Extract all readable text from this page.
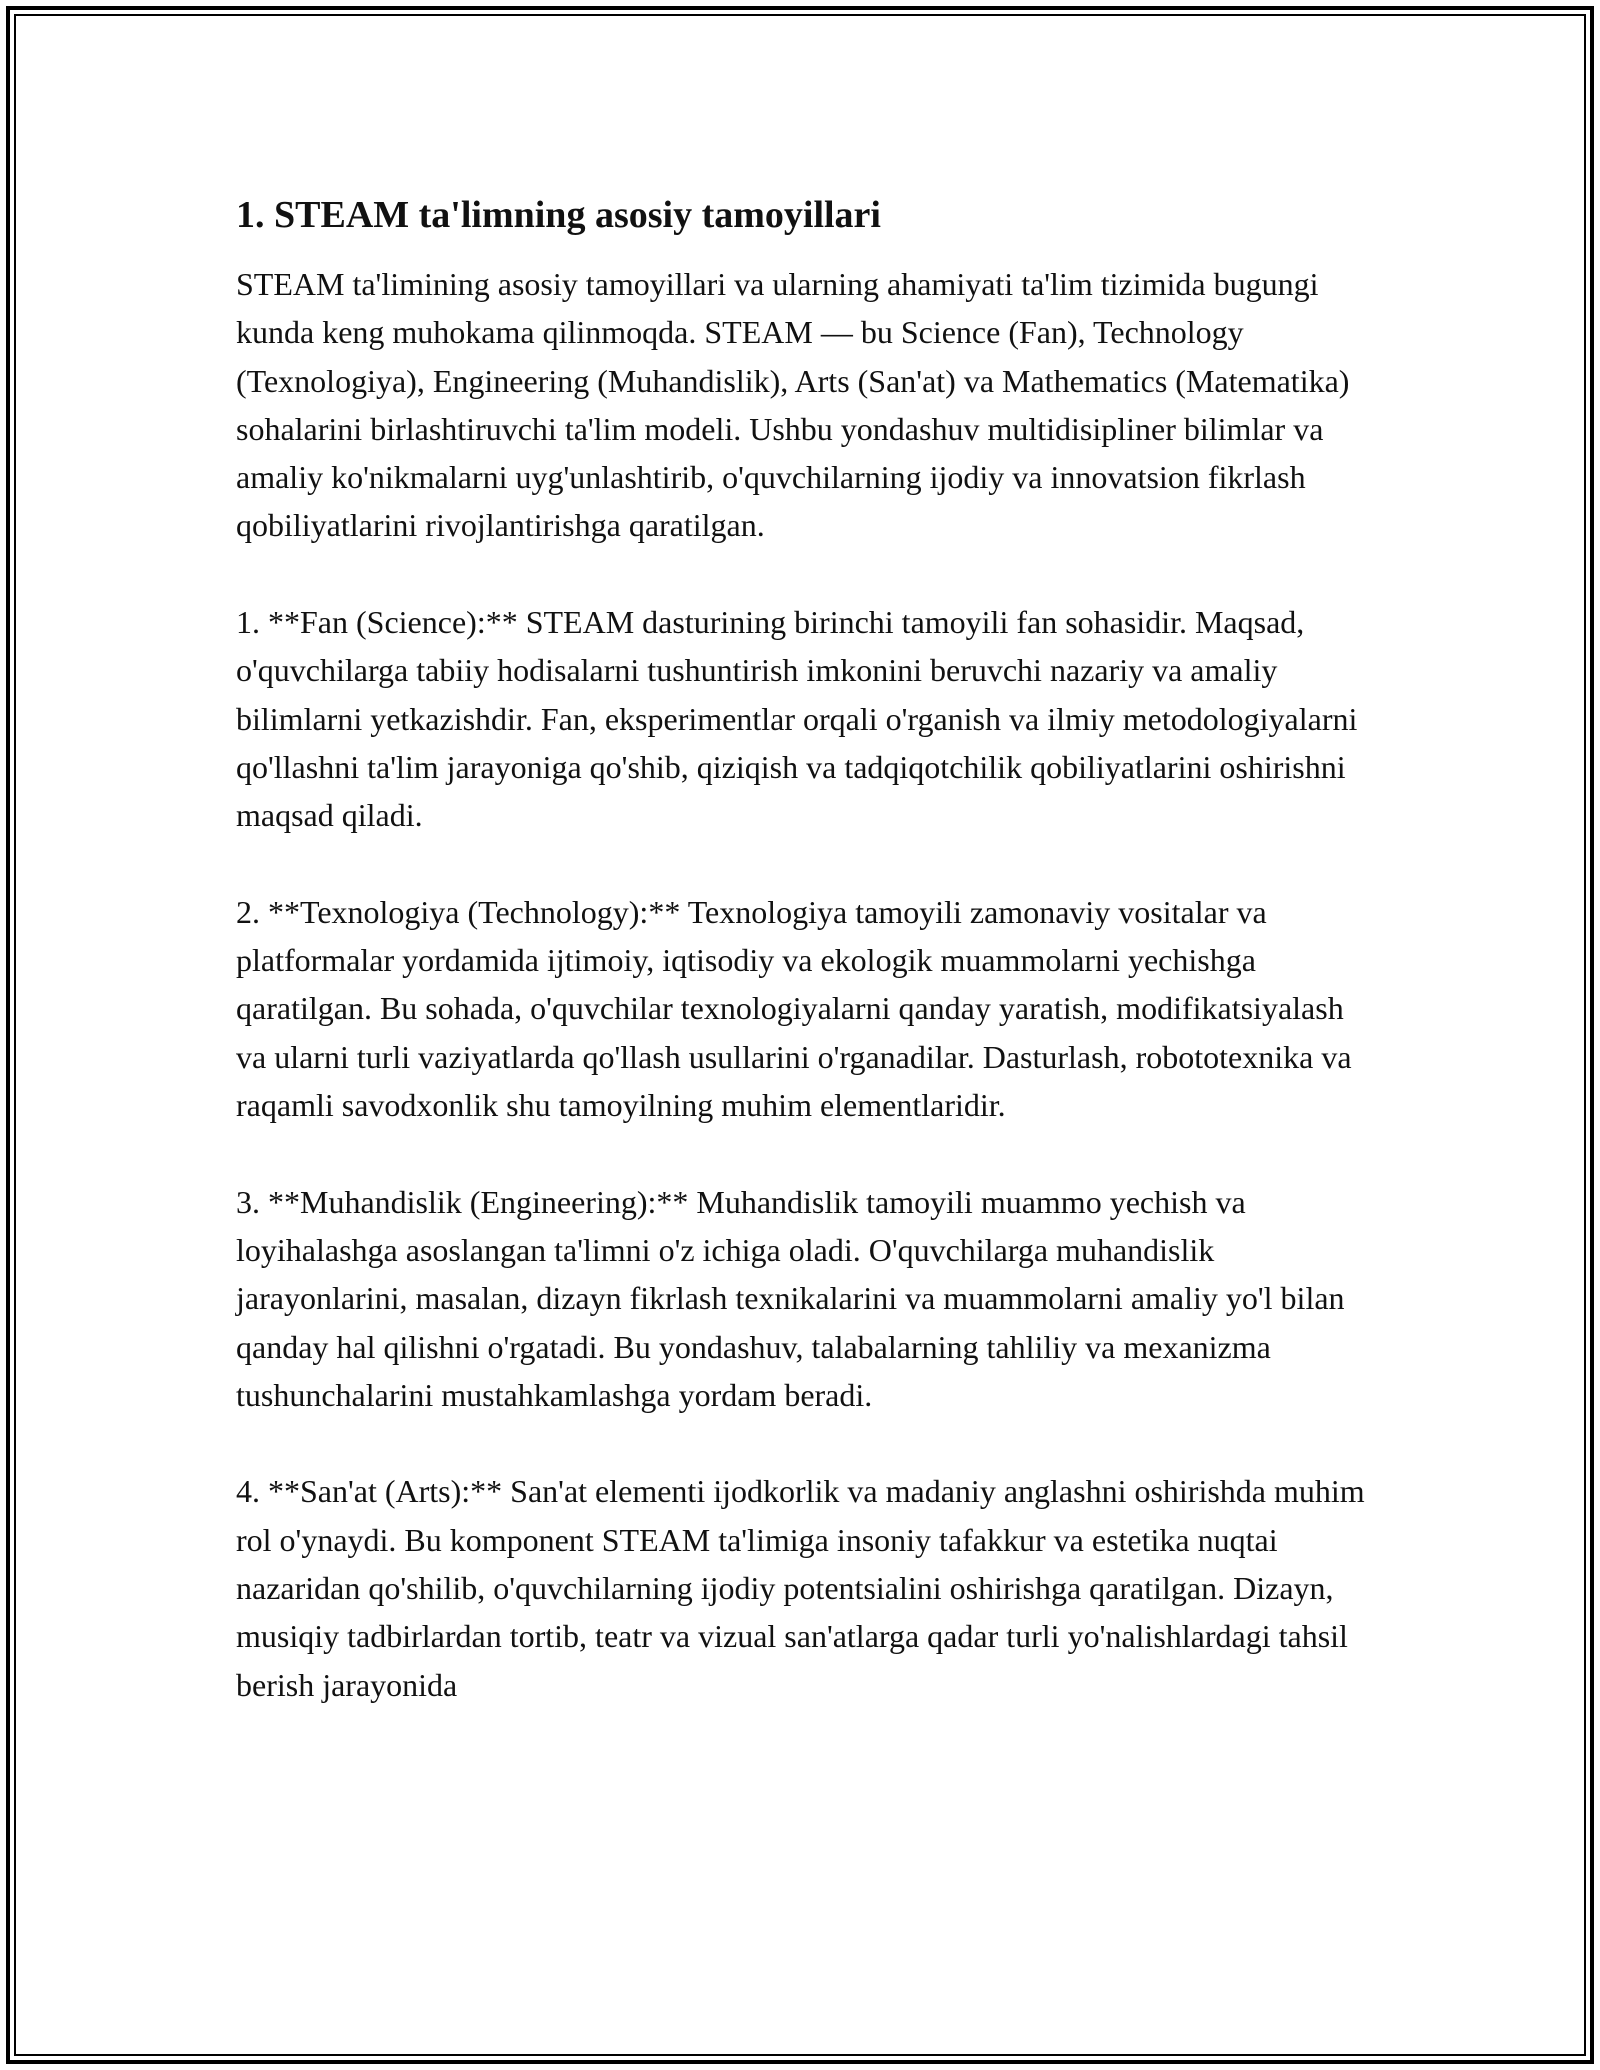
1. STEAM ta'limning asosiy tamoyillari

STEAM ta'limining asosiy tamoyillari va ularning ahamiyati ta'lim tizimida bugungi kunda keng muhokama qilinmoqda. STEAM — bu Science (Fan), Technology (Texnologiya), Engineering (Muhandislik), Arts (San'at) va Mathematics (Matematika) sohalarini birlashtiruvchi ta'lim modeli. Ushbu yondashuv multidisipliner bilimlar va amaliy ko'nikmalarni uyg'unlashtirib, o'quvchilarning ijodiy va innovatsion fikrlash qobiliyatlarini rivojlantirishga qaratilgan.

1. **Fan (Science):** STEAM dasturining birinchi tamoyili fan sohasidir. Maqsad, o'quvchilarga tabiiy hodisalarni tushuntirish imkonini beruvchi nazariy va amaliy bilimlarni yetkazishdir. Fan, eksperimentlar orqali o'rganish va ilmiy metodologiyalarni qo'llashni ta'lim jarayoniga qo'shib, qiziqish va tadqiqotchilik qobiliyatlarini oshirishni maqsad qiladi.

2. **Texnologiya (Technology):** Texnologiya tamoyili zamonaviy vositalar va platformalar yordamida ijtimoiy, iqtisodiy va ekologik muammolarni yechishga qaratilgan. Bu sohada, o'quvchilar texnologiyalarni qanday yaratish, modifikatsiyalash va ularni turli vaziyatlarda qo'llash usullarini o'rganadilar. Dasturlash, robototexnika va raqamli savodxonlik shu tamoyilning muhim elementlaridir.

3. **Muhandislik (Engineering):** Muhandislik tamoyili muammo yechish va loyihalashga asoslangan ta'limni o'z ichiga oladi. O'quvchilarga muhandislik jarayonlarini, masalan, dizayn fikrlash texnikalarini va muammolarni amaliy yo'l bilan qanday hal qilishni o'rgatadi. Bu yondashuv, talabalarning tahliliy va mexanizma tushunchalarini mustahkamlashga yordam beradi.

4. **San'at (Arts):** San'at elementi ijodkorlik va madaniy anglashni oshirishda muhim rol o'ynaydi. Bu komponent STEAM ta'limiga insoniy tafakkur va estetika nuqtai nazaridan qo'shilib, o'quvchilarning ijodiy potentsialini oshirishga qaratilgan. Dizayn, musiqiy tadbirlardan tortib, teatr va vizual san'atlarga qadar turli yo'nalishlardagi tahsil berish jarayonida
